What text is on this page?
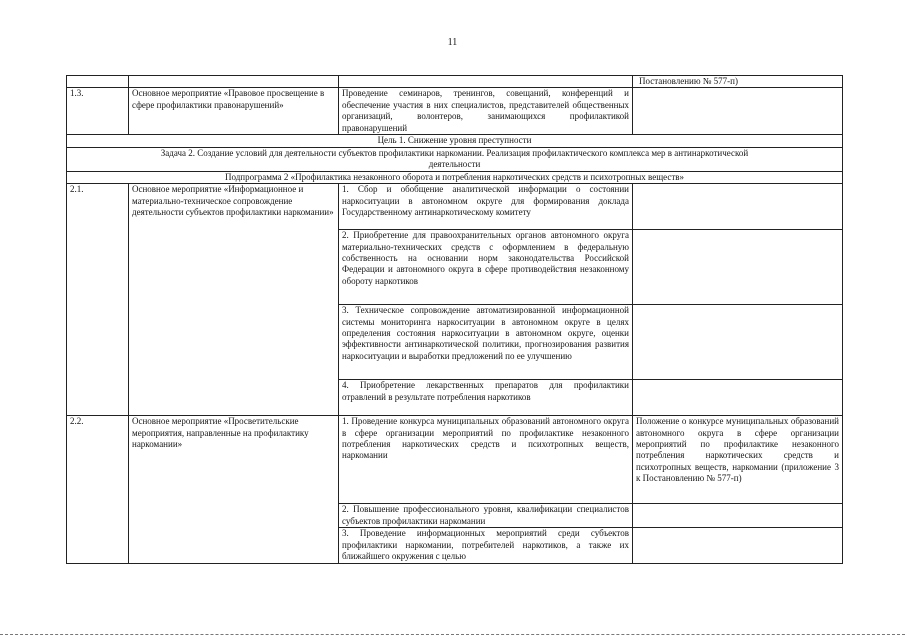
11
			Постановлению № 577-п)
1.3.	Основное мероприятие «Правовое просвещение в сфере профилактики правонарушений»	Проведение семинаров, тренингов, совещаний, конференций и обеспечение участия в них специалистов, представителей общественных организаций, волонтеров, занимающихся профилактикой правонарушений	
Цель 1. Снижение уровня преступности			
Задача 2. Создание условий для деятельности субъектов профилактики наркомании. Реализация профилактического комплекса мер в антинаркотической деятельности			
Подпрограмма 2 «Профилактика незаконного оборота и потребления наркотических средств и психотропных веществ»			
2.1.	Основное мероприятие «Информационное и материально-техническое сопровождение деятельности субъектов профилактики наркомании»	1. Сбор и обобщение аналитической информации о состоянии наркоситуации в автономном округе для формирования доклада Государственному антинаркотическому комитету	
		2. Приобретение для правоохранительных органов автономного округа материально-технических средств с оформлением в федеральную собственность на основании норм законодательства Российской Федерации и автономного округа в сфере противодействия незаконному обороту наркотиков	
		3. Техническое сопровождение автоматизированной информационной системы мониторинга наркоситуации в автономном округе в целях определения состояния наркоситуации в автономном округе, оценки эффективности антинаркотической политики, прогнозирования развития наркоситуации и выработки предложений по ее улучшению	
		4. Приобретение лекарственных препаратов для профилактики отравлений в результате потребления наркотиков	
2.2.	Основное мероприятие «Просветительские мероприятия, направленные на профилактику наркомании»	1. Проведение конкурса муниципальных образований автономного округа в сфере организации мероприятий по профилактике незаконного потребления наркотических средств и психотропных веществ, наркомании	Положение о конкурсе муниципальных образований автономного округа в сфере организации мероприятий по профилактике незаконного потребления наркотических средств и психотропных веществ, наркомании (приложение 3 к Постановлению № 577-п)
		2. Повышение профессионального уровня, квалификации специалистов субъектов профилактики наркомании	
		3. Проведение информационных мероприятий среди субъектов профилактики наркомании, потребителей наркотиков, а также их ближайшего окружения с целью	
